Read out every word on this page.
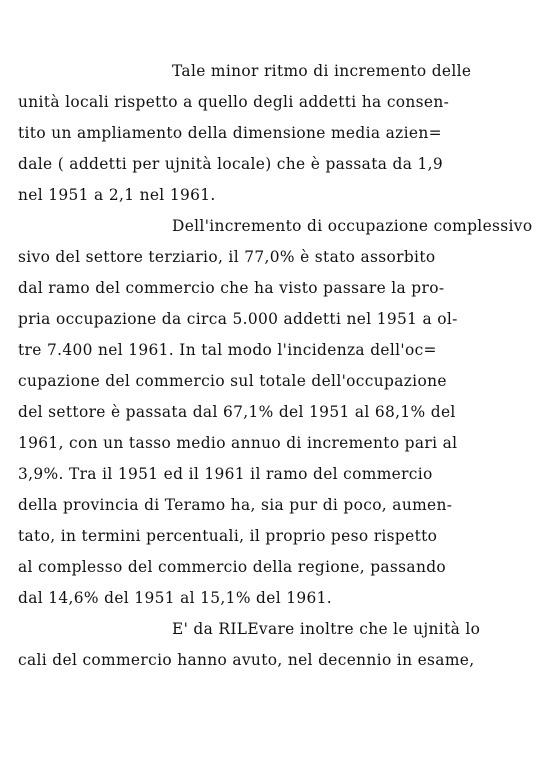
Tale minor ritmo di incremento delle
unità locali rispetto a quello degli addetti ha consen-
tito un ampliamento della dimensione media azien=
dale ( addetti per ujnità locale) che è passata da 1,9
nel 1951 a 2,1 nel 1961.
Dell'incremento di occupazione complessivo
sivo del settore terziario, il 77,0% è stato assorbito
dal ramo del commercio che ha visto passare la pro-
pria occupazione da circa 5.000 addetti nel 1951 a ol-
tre 7.400 nel 1961. In tal modo l'incidenza dell'oc=
cupazione del commercio sul totale dell'occupazione
del settore è passata dal 67,1% del 1951 al 68,1% del
1961, con un tasso medio annuo di incremento pari al
3,9%. Tra il 1951 ed il 1961 il ramo del commercio
della provincia di Teramo ha, sia pur di poco, aumen-
tato, in termini percentuali, il proprio peso rispetto
al complesso del commercio della regione, passando
dal 14,6% del 1951 al 15,1% del 1961.
E' da RILEvare inoltre che le ujnità lo
cali del commercio hanno avuto, nel decennio in esame,
